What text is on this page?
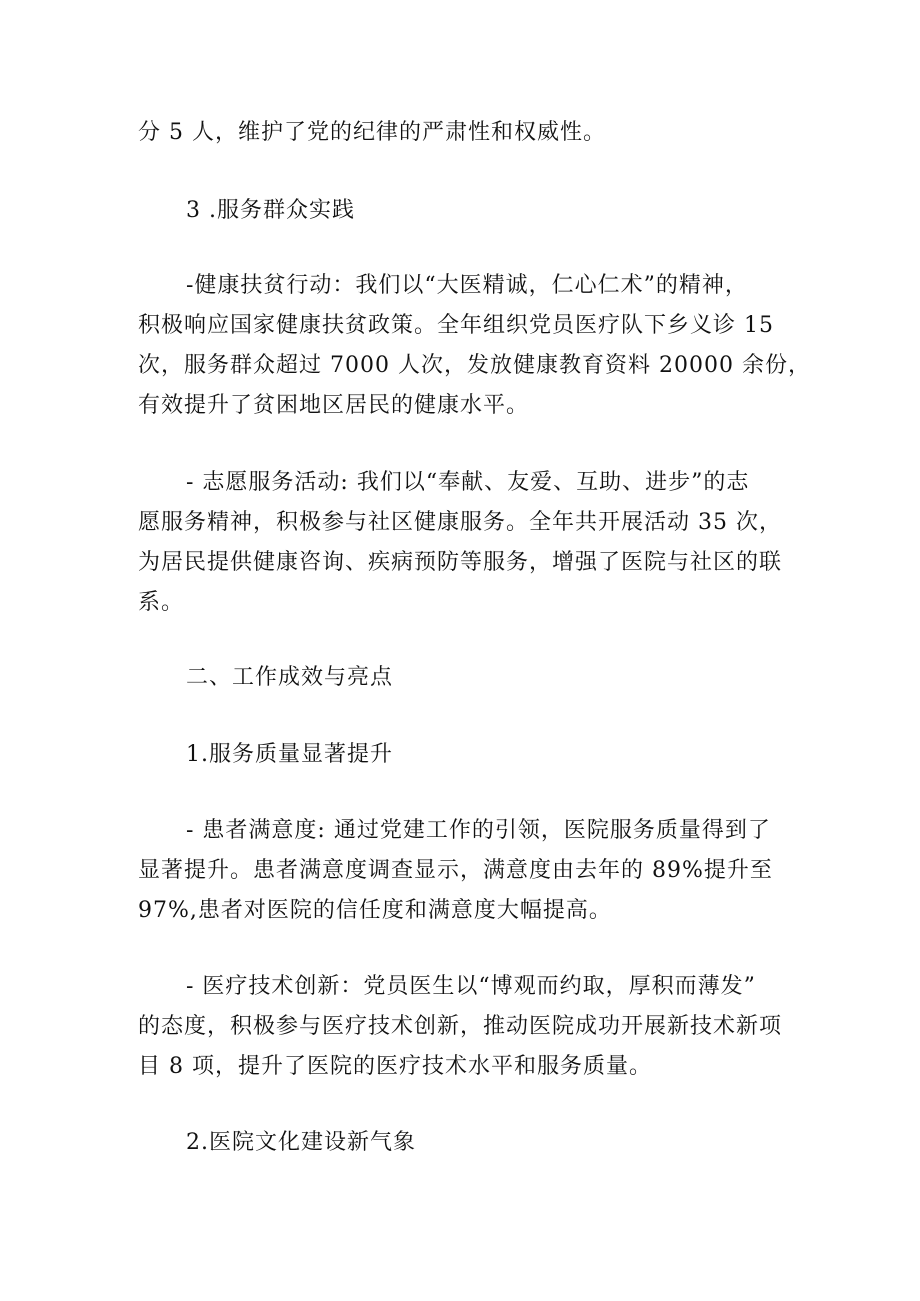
分 5 人，维护了党的纪律的严肃性和权威性。
3 .服务群众实践
-健康扶贫行动：我们以“大医精诚，仁心仁术”的精神，
积极响应国家健康扶贫政策。全年组织党员医疗队下乡义诊 15
次，服务群众超过 7000 人次，发放健康教育资料 20000 余份，
有效提升了贫困地区居民的健康水平。
- 志愿服务活动: 我们以“奉献、友爱、互助、进步”的志
愿服务精神，积极参与社区健康服务。全年共开展活动 35 次，
为居民提供健康咨询、疾病预防等服务，增强了医院与社区的联
系。
二、工作成效与亮点
1.服务质量显著提升
- 患者满意度: 通过党建工作的引领，医院服务质量得到了
显著提升。患者满意度调查显示，满意度由去年的 89%提升至
97%,患者对医院的信任度和满意度大幅提高。
- 医疗技术创新：党员医生以“博观而约取，厚积而薄发”
的态度，积极参与医疗技术创新，推动医院成功开展新技术新项
目 8 项，提升了医院的医疗技术水平和服务质量。
2.医院文化建设新气象
